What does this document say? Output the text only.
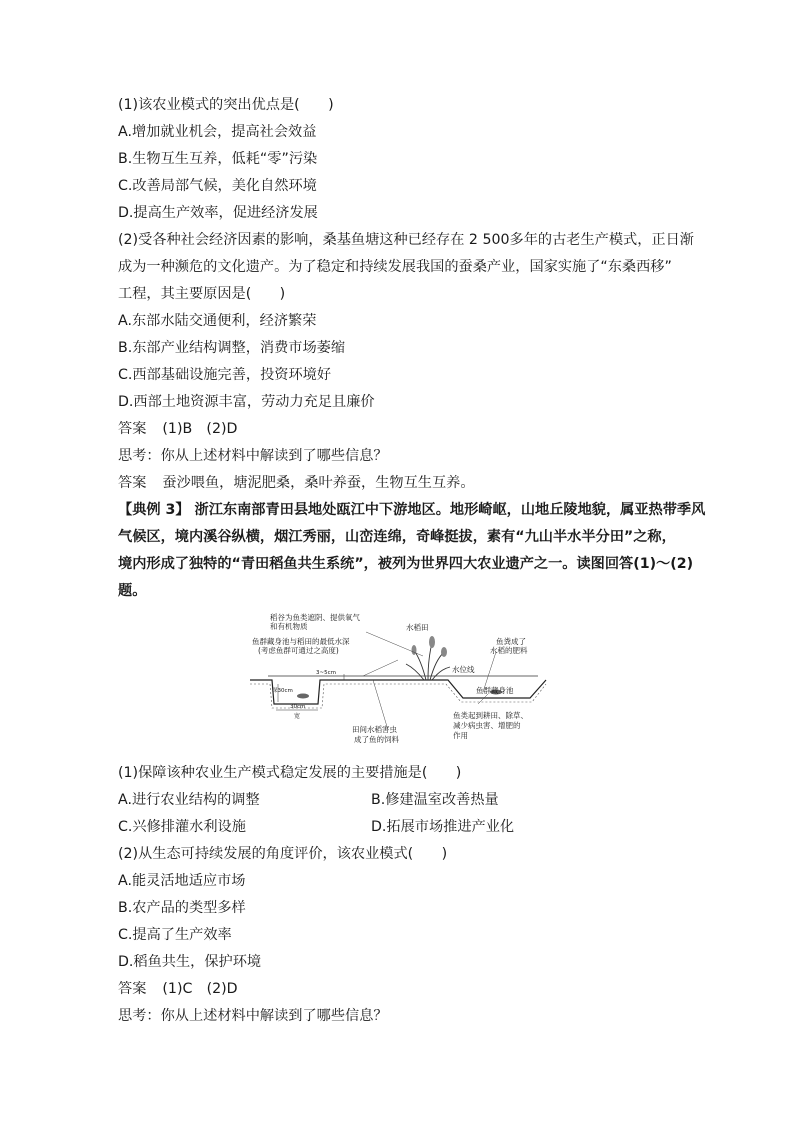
(1)该农业模式的突出优点是(　　)
A.增加就业机会，提高社会效益
B.生物互生互养，低耗“零”污染
C.改善局部气候，美化自然环境
D.提高生产效率，促进经济发展
(2)受各种社会经济因素的影响，桑基鱼塘这种已经存在 2 500多年的古老生产模式，正日渐
成为一种濒危的文化遗产。为了稳定和持续发展我国的蚕桑产业，国家实施了“东桑西移”
工程，其主要原因是(　　)
A.东部水陆交通便利，经济繁荣
B.东部产业结构调整，消费市场萎缩
C.西部基础设施完善，投资环境好
D.西部土地资源丰富，劳动力充足且廉价
答案 (1)B　(2)D
思考：你从上述材料中解读到了哪些信息？
答案 蚕沙喂鱼，塘泥肥桑，桑叶养蚕，生物互生互养。
【典例 3】 浙江东南部青田县地处瓯江中下游地区。地形崎岖，山地丘陵地貌，属亚热带季风
气候区，境内溪谷纵横，烟江秀丽，山峦连绵，奇峰挺拔，素有“九山半水半分田”之称，
境内形成了独特的“青田稻鱼共生系统”，被列为世界四大农业遗产之一。读图回答(1)～(2)
题。
(1)保障该种农业生产模式稳定发展的主要措施是(　　)
A.进行农业结构的调整	B.修建温室改善热量
C.兴修排灌水利设施	D.拓展市场推进产业化
(2)从生态可持续发展的角度评价，该农业模式(　　)
A.能灵活地适应市场
B.农产品的类型多样
C.提高了生产效率
D.稻鱼共生，保护环境
答案 (1)C　(2)D
思考：你从上述材料中解读到了哪些信息？
稻谷为鱼类遮阴、提供氧气
和有机物质	水稻田
鱼群藏身池与稻田的最低水深
(考虑鱼群可通过之高度)
鱼粪成了
水稻的肥料
水位线
鱼群藏身池
3~5cm
深30cm
30cm
宽
田间水稻害虫
成了鱼的饲料
鱼类起到耕田、除草、
减少病虫害、增肥的
作用
